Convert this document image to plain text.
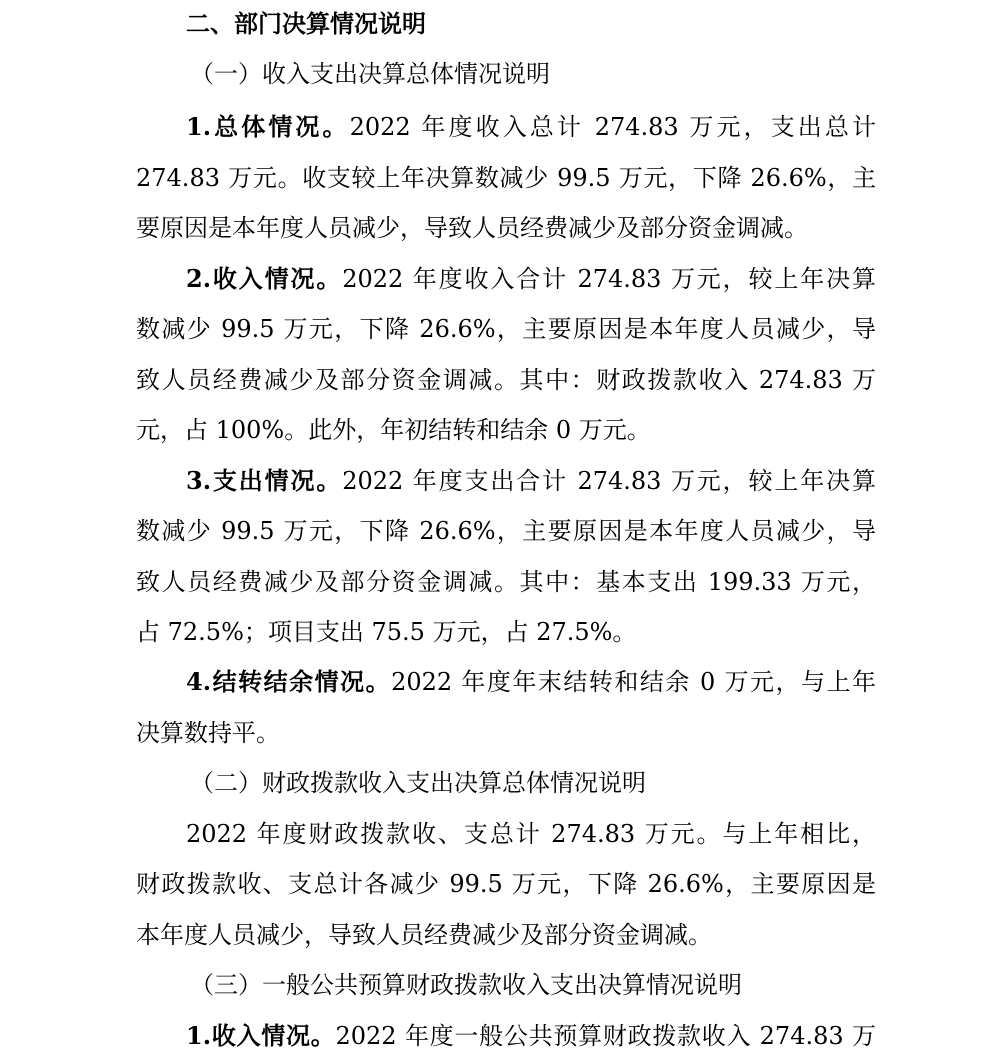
二、部门决算情况说明
（一）收入支出决算总体情况说明
1.总体情况。2022 年度收入总计 274.83 万元，支出总计
274.83 万元。收支较上年决算数减少 99.5 万元，下降 26.6%，主
要原因是本年度人员减少，导致人员经费减少及部分资金调减。
2.收入情况。2022 年度收入合计 274.83 万元，较上年决算
数减少 99.5 万元，下降 26.6%，主要原因是本年度人员减少，导
致人员经费减少及部分资金调减。其中：财政拨款收入 274.83 万
元，占 100%。此外，年初结转和结余 0 万元。
3.支出情况。2022 年度支出合计 274.83 万元，较上年决算
数减少 99.5 万元，下降 26.6%，主要原因是本年度人员减少，导
致人员经费减少及部分资金调减。其中：基本支出 199.33 万元，
占 72.5%；项目支出 75.5 万元，占 27.5%。
4.结转结余情况。2022 年度年末结转和结余 0 万元，与上年
决算数持平。
（二）财政拨款收入支出决算总体情况说明
2022 年度财政拨款收、支总计 274.83 万元。与上年相比，
财政拨款收、支总计各减少 99.5 万元，下降 26.6%，主要原因是
本年度人员减少，导致人员经费减少及部分资金调减。
（三）一般公共预算财政拨款收入支出决算情况说明
1.收入情况。2022 年度一般公共预算财政拨款收入 274.83 万
